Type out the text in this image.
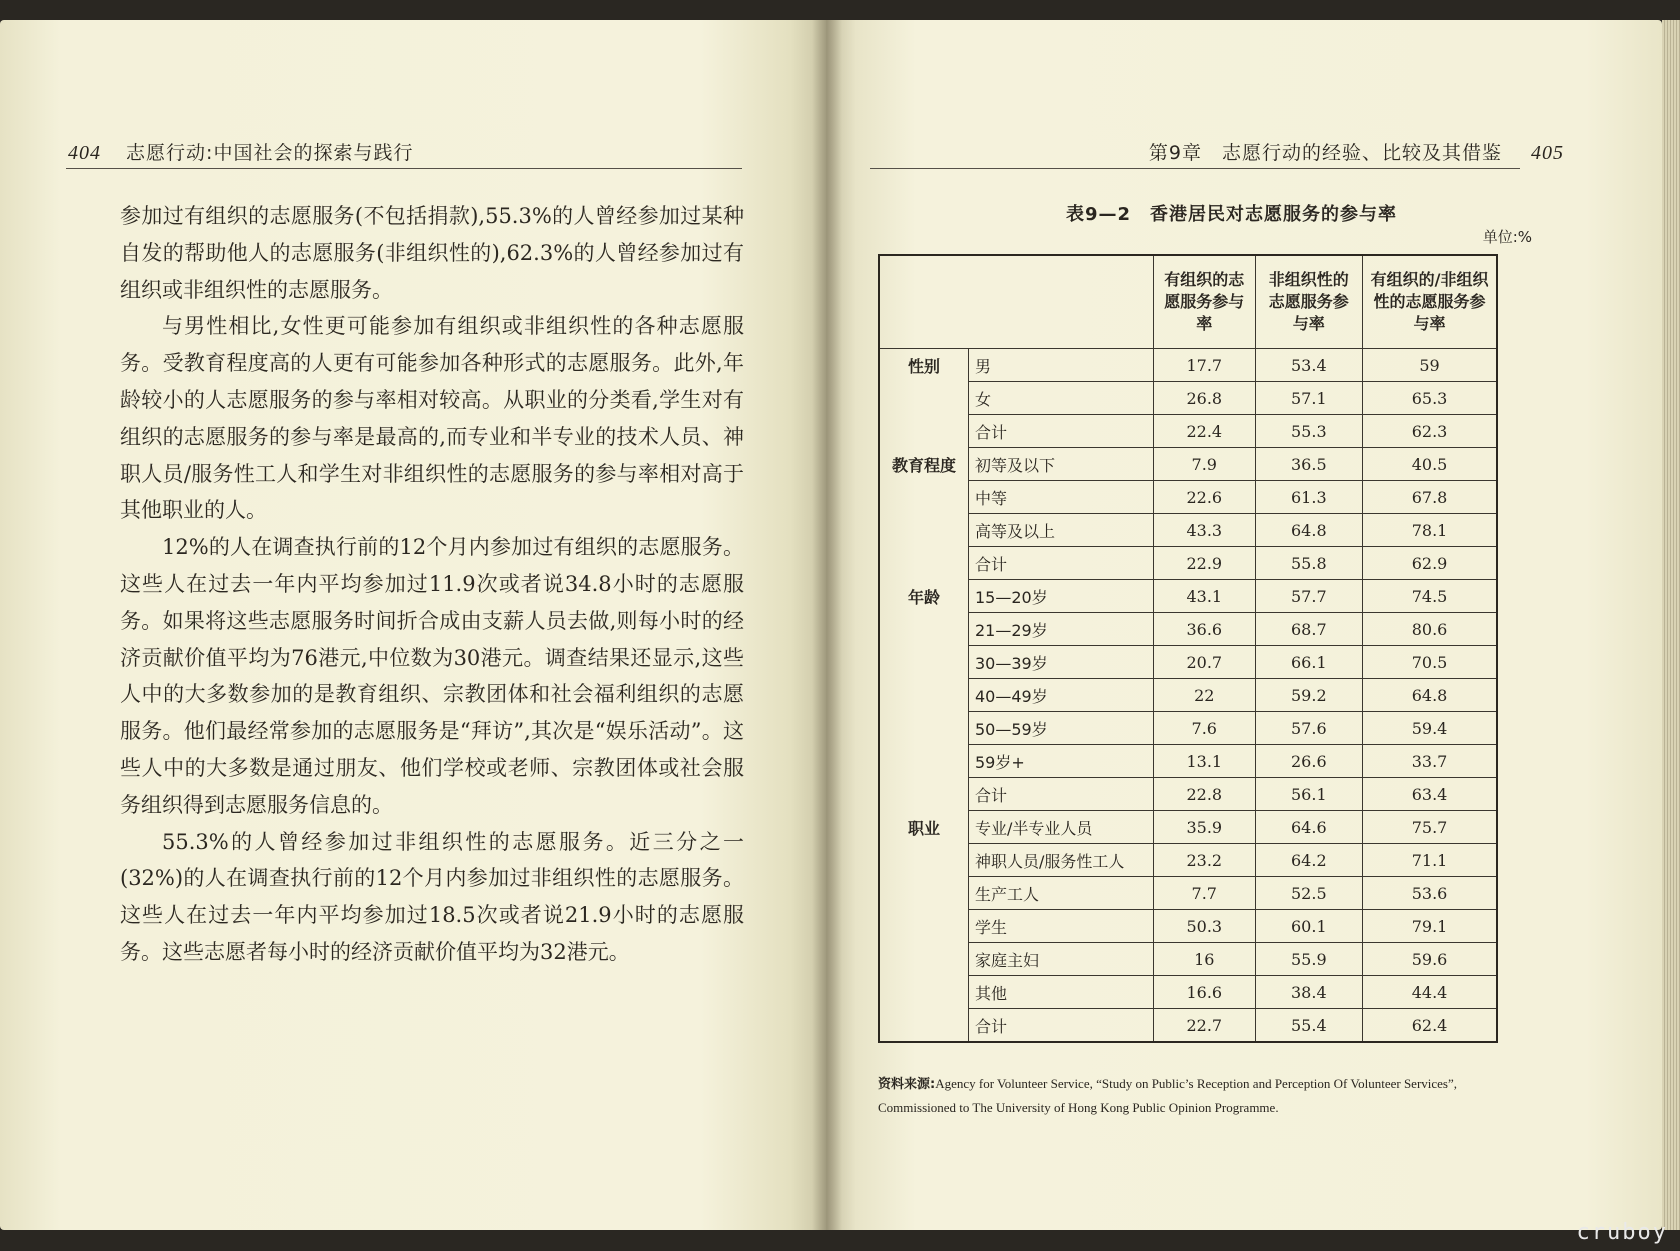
404 志愿行动:中国社会的探索与践行

参加过有组织的志愿服务(不包括捐款),55.3%的人曾经参加过某种自发的帮助他人的志愿服务(非组织性的),62.3%的人曾经参加过有组织或非组织性的志愿服务。

与男性相比,女性更可能参加有组织或非组织性的各种志愿服务。受教育程度高的人更有可能参加各种形式的志愿服务。此外,年龄较小的人志愿服务的参与率相对较高。从职业的分类看,学生对有组织的志愿服务的参与率是最高的,而专业和半专业的技术人员、神职人员/服务性工人和学生对非组织性的志愿服务的参与率相对高于其他职业的人。

12%的人在调查执行前的12个月内参加过有组织的志愿服务。这些人在过去一年内平均参加过11.9次或者说34.8小时的志愿服务。如果将这些志愿服务时间折合成由支薪人员去做,则每小时的经济贡献价值平均为76港元,中位数为30港元。调查结果还显示,这些人中的大多数参加的是教育组织、宗教团体和社会福利组织的志愿服务。他们最经常参加的志愿服务是“拜访”,其次是“娱乐活动”。这些人中的大多数是通过朋友、他们学校或老师、宗教团体或社会服务组织得到志愿服务信息的。

55.3%的人曾经参加过非组织性的志愿服务。近三分之一(32%)的人在调查执行前的12个月内参加过非组织性的志愿服务。这些人在过去一年内平均参加过18.5次或者说21.9小时的志愿服务。这些志愿者每小时的经济贡献价值平均为32港元。

第9章　志愿行动的经验、比较及其借鉴 405
表9—2　香港居民对志愿服务的参与率
单位:%
		有组织的志愿服务参与率	非组织性的志愿服务参与率	有组织的/非组织性的志愿服务参与率
性别	男	17.7	53.4	59
	女	26.8	57.1	65.3
	合计	22.4	55.3	62.3
教育程度	初等及以下	7.9	36.5	40.5
	中等	22.6	61.3	67.8
	高等及以上	43.3	64.8	78.1
	合计	22.9	55.8	62.9
年龄	15—20岁	43.1	57.7	74.5
	21—29岁	36.6	68.7	80.6
	30—39岁	20.7	66.1	70.5
	40—49岁	22	59.2	64.8
	50—59岁	7.6	57.6	59.4
	59岁+	13.1	26.6	33.7
	合计	22.8	56.1	63.4
职业	专业/半专业人员	35.9	64.6	75.7
	神职人员/服务性工人	23.2	64.2	71.1
	生产工人	7.7	52.5	53.6
	学生	50.3	60.1	79.1
	家庭主妇	16	55.9	59.6
	其他	16.6	38.4	44.4
	合计	22.7	55.4	62.4
资料来源:Agency for Volunteer Service, “Study on Public’s Reception and Perception Of Volunteer Services”, Commissioned to The University of Hong Kong Public Opinion Programme.
cruboy
